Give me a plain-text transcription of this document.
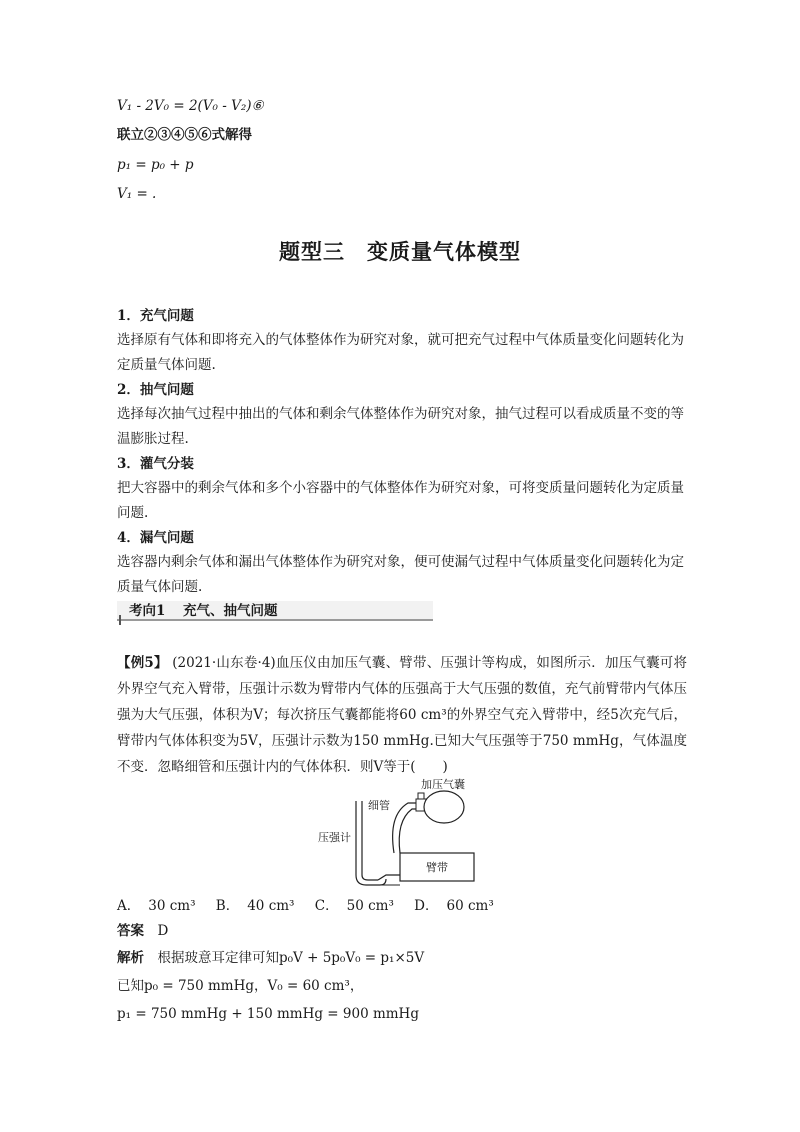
V₁ - 2V₀ = 2(V₀ - V₂)⑥
联立②③④⑤⑥式解得
p₁ = p₀ + p
V₁ = .
题型三　变质量气体模型
1．充气问题
选择原有气体和即将充入的气体整体作为研究对象，就可把充气过程中气体质量变化问题转化为定质量气体问题.
2．抽气问题
选择每次抽气过程中抽出的气体和剩余气体整体作为研究对象，抽气过程可以看成质量不变的等温膨胀过程.
3．灌气分装
把大容器中的剩余气体和多个小容器中的气体整体作为研究对象，可将变质量问题转化为定质量问题.
4．漏气问题
选容器内剩余气体和漏出气体整体作为研究对象，便可使漏气过程中气体质量变化问题转化为定质量气体问题.
考向1 充气、抽气问题
【例5】 (2021·山东卷·4)血压仪由加压气囊、臂带、压强计等构成，如图所示．加压气囊可将外界空气充入臂带，压强计示数为臂带内气体的压强高于大气压强的数值，充气前臂带内气体压强为大气压强，体积为V；每次挤压气囊都能将60 cm³的外界空气充入臂带中，经5次充气后，臂带内气体体积变为5V，压强计示数为150 mmHg.已知大气压强等于750 mmHg，气体温度不变．忽略细管和压强计内的气体体积．则V等于(　　)
加压气囊
细管
压强计
臂带
A． 30 cm³ B． 40 cm³ C． 50 cm³ D． 60 cm³
答案　 D
解析　 根据玻意耳定律可知p₀V + 5p₀V₀ = p₁×5V
已知p₀ = 750 mmHg，V₀ = 60 cm³，
p₁ = 750 mmHg + 150 mmHg = 900 mmHg
